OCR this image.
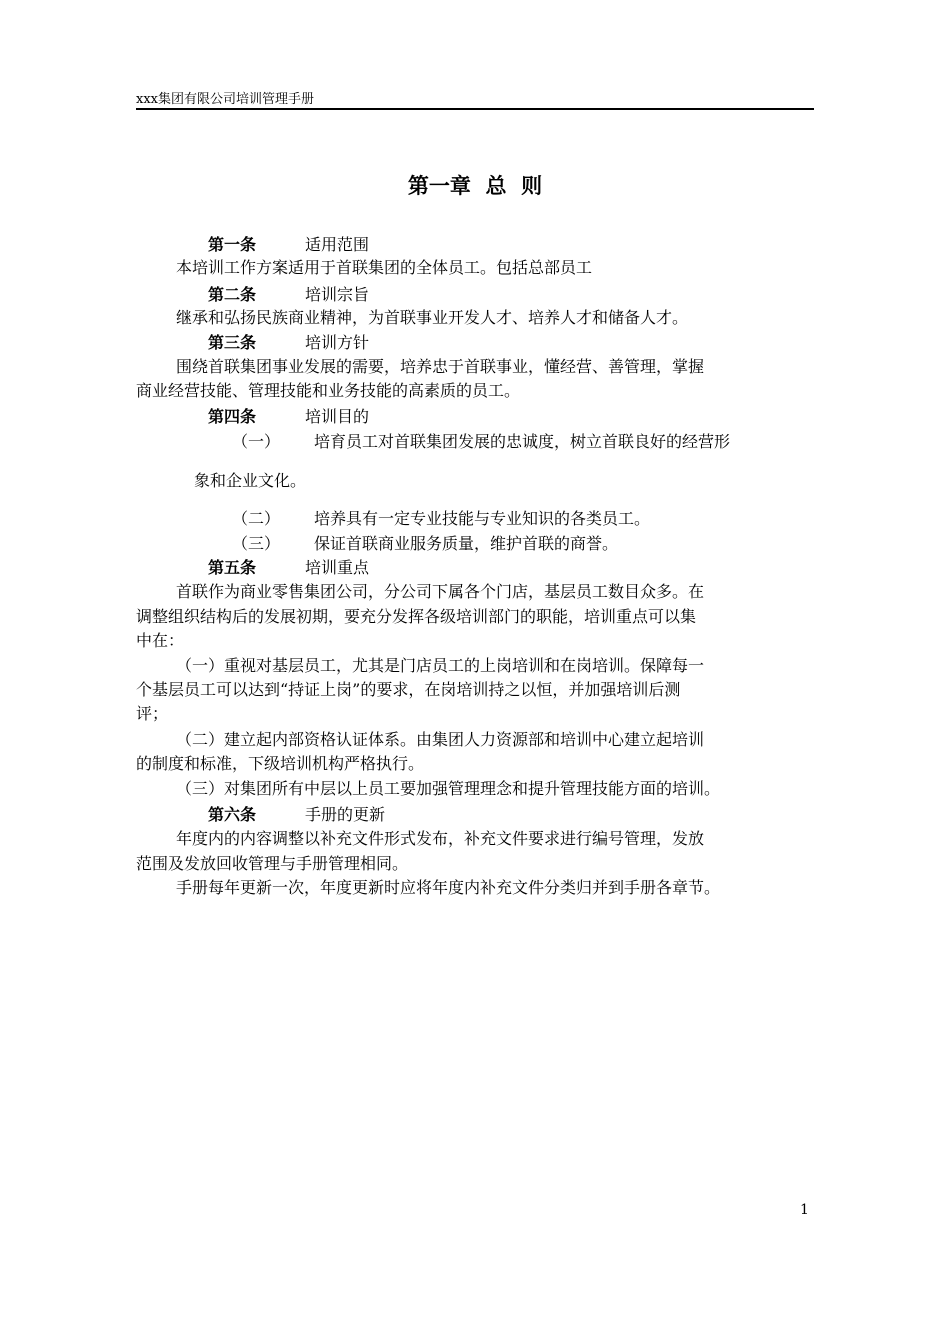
xxx集团有限公司培训管理手册
第一章  总  则
第一条	适用范围
本培训工作方案适用于首联集团的全体员工。包括总部员工
第二条	培训宗旨
继承和弘扬民族商业精神，为首联事业开发人才、培养人才和储备人才。
第三条	培训方针
围绕首联集团事业发展的需要，培养忠于首联事业，懂经营、善管理，掌握
商业经营技能、管理技能和业务技能的高素质的员工。
第四条	培训目的
（一） 培育员工对首联集团发展的忠诚度，树立首联良好的经营形
象和企业文化。
（二） 培养具有一定专业技能与专业知识的各类员工。
（三） 保证首联商业服务质量，维护首联的商誉。
第五条	培训重点
首联作为商业零售集团公司，分公司下属各个门店，基层员工数目众多。在
调整组织结构后的发展初期，要充分发挥各级培训部门的职能，培训重点可以集
中在：
（一）重视对基层员工，尤其是门店员工的上岗培训和在岗培训。保障每一
个基层员工可以达到“持证上岗”的要求，在岗培训持之以恒，并加强培训后测
评；
（二）建立起内部资格认证体系。由集团人力资源部和培训中心建立起培训
的制度和标准，下级培训机构严格执行。
（三）对集团所有中层以上员工要加强管理理念和提升管理技能方面的培训。
第六条	手册的更新
年度内的内容调整以补充文件形式发布，补充文件要求进行编号管理，发放
范围及发放回收管理与手册管理相同。
手册每年更新一次，年度更新时应将年度内补充文件分类归并到手册各章节。
1
